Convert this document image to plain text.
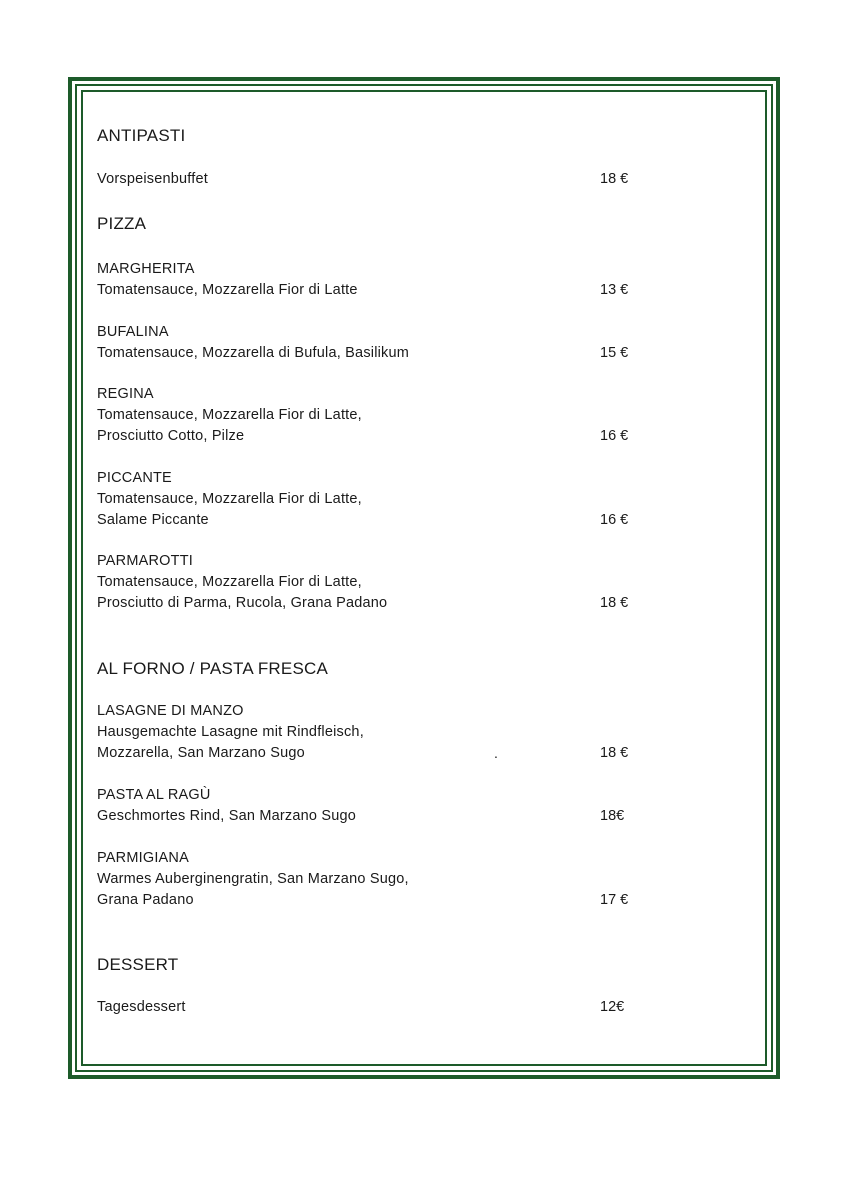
ANTIPASTI
Vorspeisenbuffet	18 €
PIZZA
MARGHERITA
Tomatensauce, Mozzarella Fior di Latte	13 €
BUFALINA
Tomatensauce, Mozzarella di Bufula, Basilikum	15 €
REGINA
Tomatensauce, Mozzarella Fior di Latte,
Prosciutto Cotto, Pilze	16 €
PICCANTE
Tomatensauce, Mozzarella Fior di Latte,
Salame Piccante	16 €
PARMAROTTI
Tomatensauce, Mozzarella Fior di Latte,
Prosciutto di Parma, Rucola, Grana Padano	18 €
AL FORNO / PASTA FRESCA
LASAGNE DI MANZO
Hausgemachte Lasagne mit Rindfleisch,
Mozzarella, San Marzano Sugo	.	18 €
PASTA AL RAGÙ
Geschmortes Rind, San Marzano Sugo	18€
PARMIGIANA
Warmes Auberginengratin, San Marzano Sugo,
Grana Padano	17 €
DESSERT
Tagesdessert	12€
